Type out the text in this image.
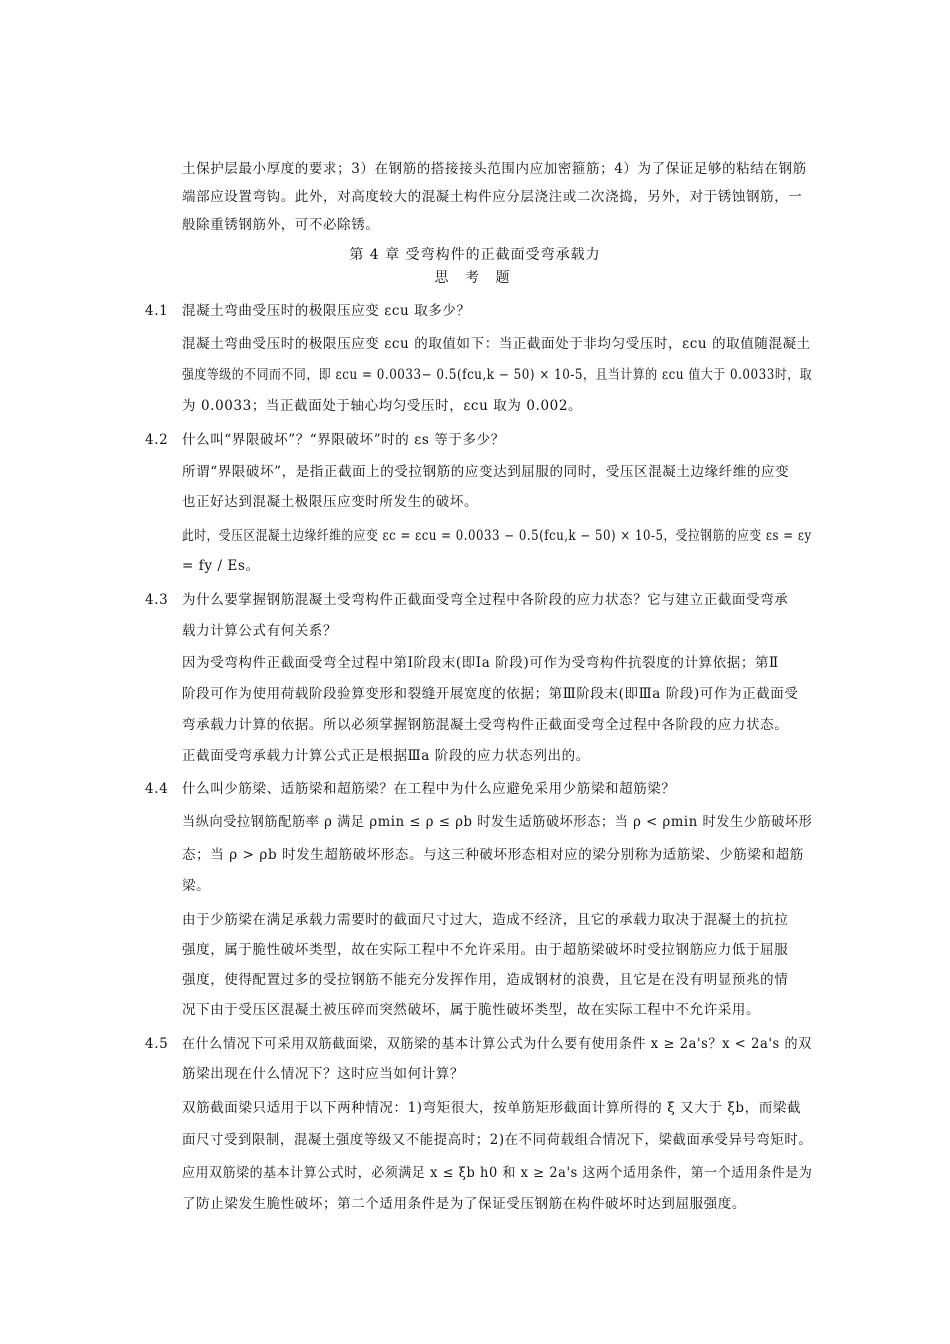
土保护层最小厚度的要求；3）在钢筋的搭接接头范围内应加密箍筋；4）为了保证足够的粘结在钢筋
端部应设置弯钩。此外，对高度较大的混凝土构件应分层浇注或二次浇捣，另外，对于锈蚀钢筋，一
般除重锈钢筋外，可不必除锈。
第 4 章 受弯构件的正截面受弯承载力
思 考 题
4.1 混凝土弯曲受压时的极限压应变 εcu 取多少？
混凝土弯曲受压时的极限压应变 εcu 的取值如下：当正截面处于非均匀受压时，εcu 的取值随混凝土
强度等级的不同而不同，即 εcu = 0.0033− 0.5(fcu,k − 50) × 10-5，且当计算的 εcu 值大于 0.0033时，取
为 0.0033；当正截面处于轴心均匀受压时，εcu 取为 0.002。
4.2 什么叫“界限破坏”？“界限破坏”时的 εs 等于多少？
所谓“界限破坏”，是指正截面上的受拉钢筋的应变达到屈服的同时，受压区混凝土边缘纤维的应变
也正好达到混凝土极限压应变时所发生的破坏。
此时，受压区混凝土边缘纤维的应变 εc = εcu = 0.0033 − 0.5(fcu,k − 50) × 10-5，受拉钢筋的应变 εs = εy
= fy / Es。
4.3 为什么要掌握钢筋混凝土受弯构件正截面受弯全过程中各阶段的应力状态？它与建立正截面受弯承
载力计算公式有何关系？
因为受弯构件正截面受弯全过程中第Ⅰ阶段末(即Ⅰa 阶段)可作为受弯构件抗裂度的计算依据；第Ⅱ
阶段可作为使用荷载阶段验算变形和裂缝开展宽度的依据；第Ⅲ阶段末(即Ⅲa 阶段)可作为正截面受
弯承载力计算的依据。所以必须掌握钢筋混凝土受弯构件正截面受弯全过程中各阶段的应力状态。
正截面受弯承载力计算公式正是根据Ⅲa 阶段的应力状态列出的。
4.4 什么叫少筋梁、适筋梁和超筋梁？在工程中为什么应避免采用少筋梁和超筋梁？
当纵向受拉钢筋配筋率 ρ 满足 ρmin ≤ ρ ≤ ρb 时发生适筋破坏形态；当 ρ < ρmin 时发生少筋破坏形
态；当 ρ > ρb 时发生超筋破坏形态。与这三种破坏形态相对应的梁分别称为适筋梁、少筋梁和超筋
梁。
由于少筋梁在满足承载力需要时的截面尺寸过大，造成不经济，且它的承载力取决于混凝土的抗拉
强度，属于脆性破坏类型，故在实际工程中不允许采用。由于超筋梁破坏时受拉钢筋应力低于屈服
强度，使得配置过多的受拉钢筋不能充分发挥作用，造成钢材的浪费，且它是在没有明显预兆的情
况下由于受压区混凝土被压碎而突然破坏，属于脆性破坏类型，故在实际工程中不允许采用。
4.5 在什么情况下可采用双筋截面梁，双筋梁的基本计算公式为什么要有使用条件 x ≥ 2a's？x < 2a's 的双
筋梁出现在什么情况下？这时应当如何计算？
双筋截面梁只适用于以下两种情况：1)弯矩很大，按单筋矩形截面计算所得的 ξ 又大于 ξb，而梁截
面尺寸受到限制，混凝土强度等级又不能提高时；2)在不同荷载组合情况下，梁截面承受异号弯矩时。
应用双筋梁的基本计算公式时，必须满足 x ≤ ξb h0 和 x ≥ 2a's 这两个适用条件，第一个适用条件是为
了防止梁发生脆性破坏；第二个适用条件是为了保证受压钢筋在构件破坏时达到屈服强度。
